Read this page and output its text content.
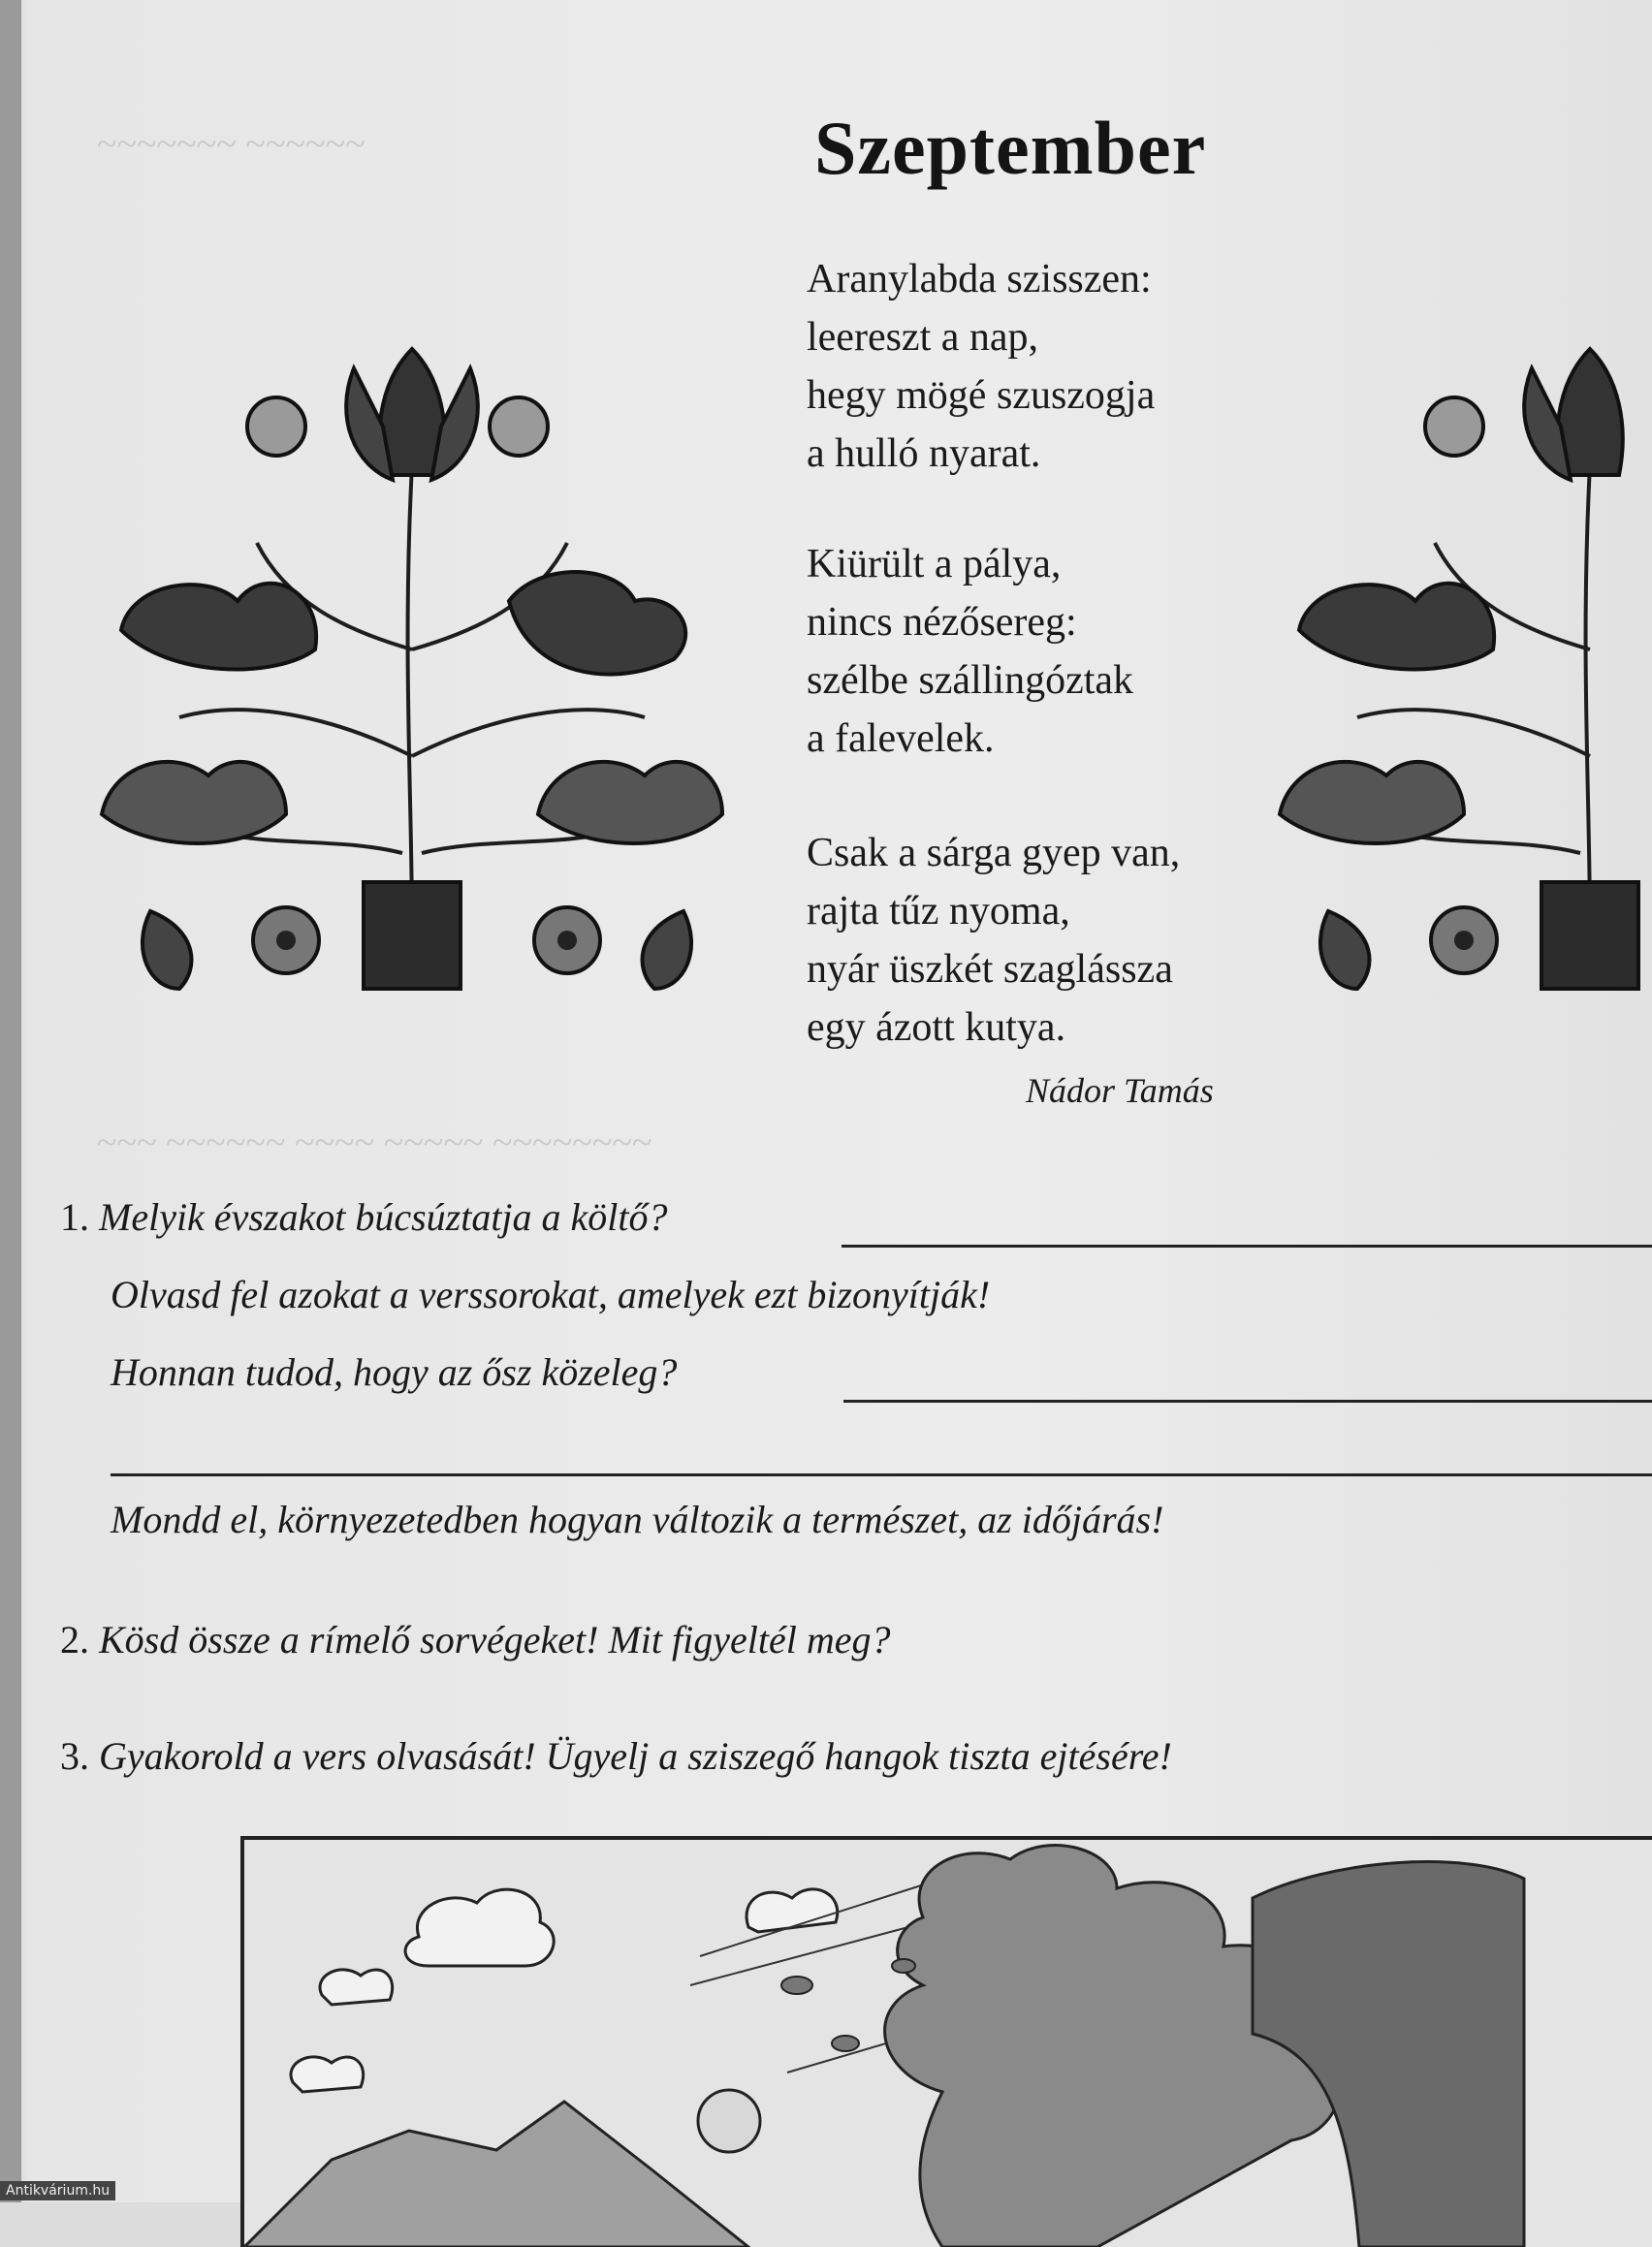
~~~~~~~ ~~~~~~
~~~ ~~~~~~ ~~~~ ~~~~~ ~~~~~~~~
Szeptember
Aranylabda szisszen:
leereszt a nap,
hegy mögé szuszogja
a hulló nyarat.
Kiürült a pálya,
nincs nézősereg:
szélbe szállingóztak
a falevelek.
Csak a sárga gyep van,
rajta tűz nyoma,
nyár üszkét szaglássza
egy ázott kutya.
Nádor Tamás
1. Melyik évszakot búcsúztatja a költő?
Olvasd fel azokat a verssorokat, amelyek ezt bizonyítják!
Honnan tudod, hogy az ősz közeleg?
Mondd el, környezetedben hogyan változik a természet, az időjárás!
2. Kösd össze a rímelő sorvégeket! Mit figyeltél meg?
3. Gyakorold a vers olvasását! Ügyelj a sziszegő hangok tiszta ejtésére!
Antikvárium.hu
